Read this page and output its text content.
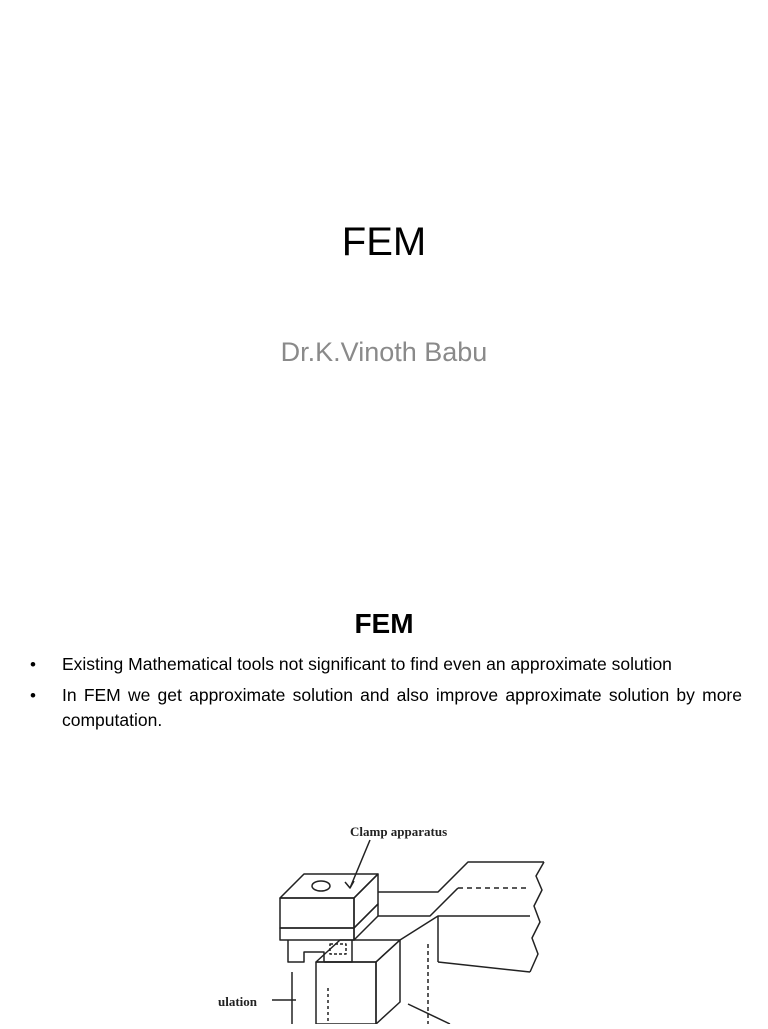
FEM
Dr.K.Vinoth Babu
FEM
• Existing Mathematical tools not significant to find even an approximate solution
• In FEM we get approximate solution and also improve approximate solution by more computation.
Clamp apparatus
ulation
